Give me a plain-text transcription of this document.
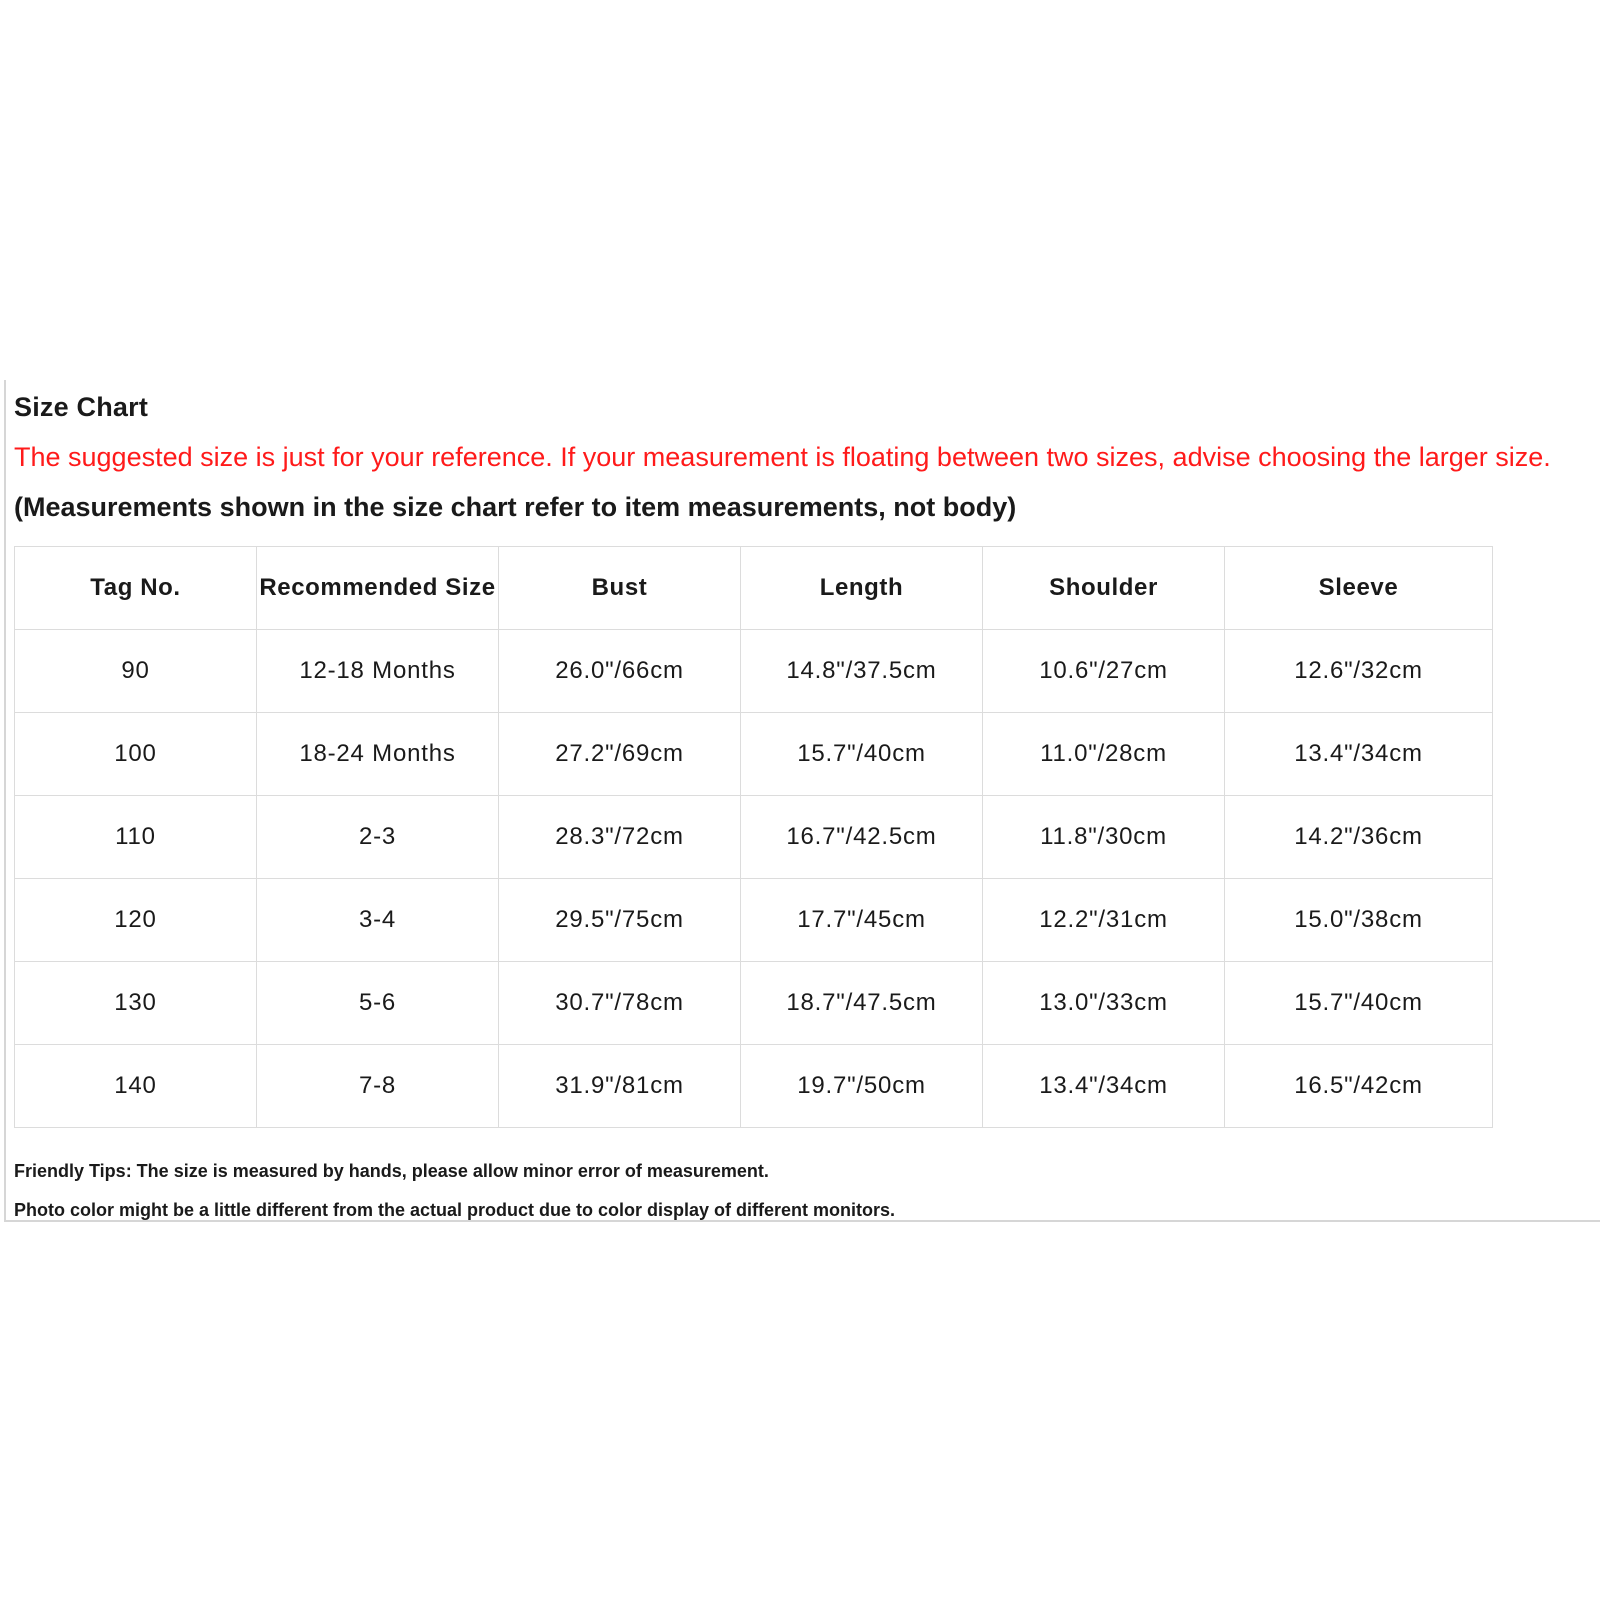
Size Chart

The suggested size is just for your reference. If your measurement is floating between two sizes, advise choosing the larger size.

(Measurements shown in the size chart refer to item measurements, not body)

Tag No.	Recommended Size	Bust	Length	Shoulder	Sleeve
90	12-18 Months	26.0"/66cm	14.8"/37.5cm	10.6"/27cm	12.6"/32cm
100	18-24 Months	27.2"/69cm	15.7"/40cm	11.0"/28cm	13.4"/34cm
110	2-3	28.3"/72cm	16.7"/42.5cm	11.8"/30cm	14.2"/36cm
120	3-4	29.5"/75cm	17.7"/45cm	12.2"/31cm	15.0"/38cm
130	5-6	30.7"/78cm	18.7"/47.5cm	13.0"/33cm	15.7"/40cm
140	7-8	31.9"/81cm	19.7"/50cm	13.4"/34cm	16.5"/42cm

Friendly Tips: The size is measured by hands, please allow minor error of measurement.

Photo color might be a little different from the actual product due to color display of different monitors.
